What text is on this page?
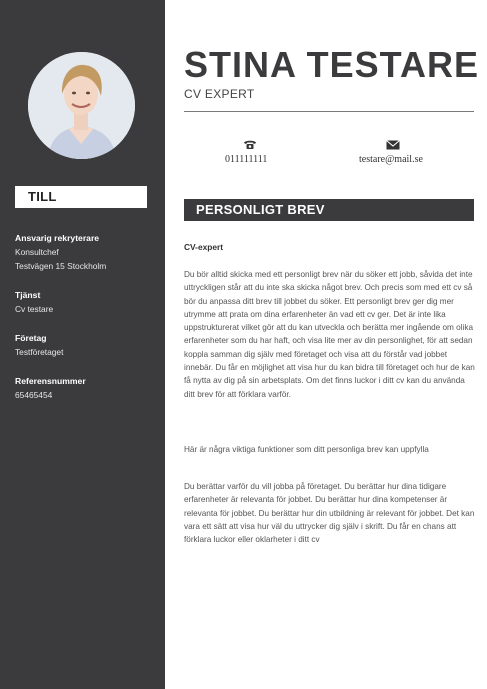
TILL
Ansvarig rekryterare
Konsultchef
Testvägen 15 Stockholm
Tjänst
Cv testare
Företag
Testföretaget
Referensnummer
65465454
STINA TESTARE
CV EXPERT
011111111	testare@mail.se
PERSONLIGT BREV
CV-expert
Du bör alltid skicka med ett personligt brev när du söker ett jobb, såvida det inte uttryckligen står att du inte ska skicka något brev. Och precis som med ett cv så bör du anpassa ditt brev till jobbet du söker. Ett personligt brev ger dig mer utrymme att prata om dina erfarenheter än vad ett cv ger. Det är inte lika uppstrukturerat vilket gör att du kan utveckla och berätta mer ingående om olika erfarenheter som du har haft, och visa lite mer av din personlighet, för att sedan koppla samman dig själv med företaget och visa att du förstår vad jobbet innebär. Du får en möjlighet att visa hur du kan bidra till företaget och hur de kan få nytta av dig på sin arbetsplats. Om det finns luckor i ditt cv kan du använda ditt brev för att förklara varför.
Här är några viktiga funktioner som ditt personliga brev kan uppfylla
Du berättar varför du vill jobba på företaget. Du berättar hur dina tidigare erfarenheter är relevanta för jobbet. Du berättar hur dina kompetenser är relevanta för jobbet. Du berättar hur din utbildning är relevant för jobbet. Det kan vara ett sätt att visa hur väl du uttrycker dig själv i skrift. Du får en chans att förklara luckor eller oklarheter i ditt cv
